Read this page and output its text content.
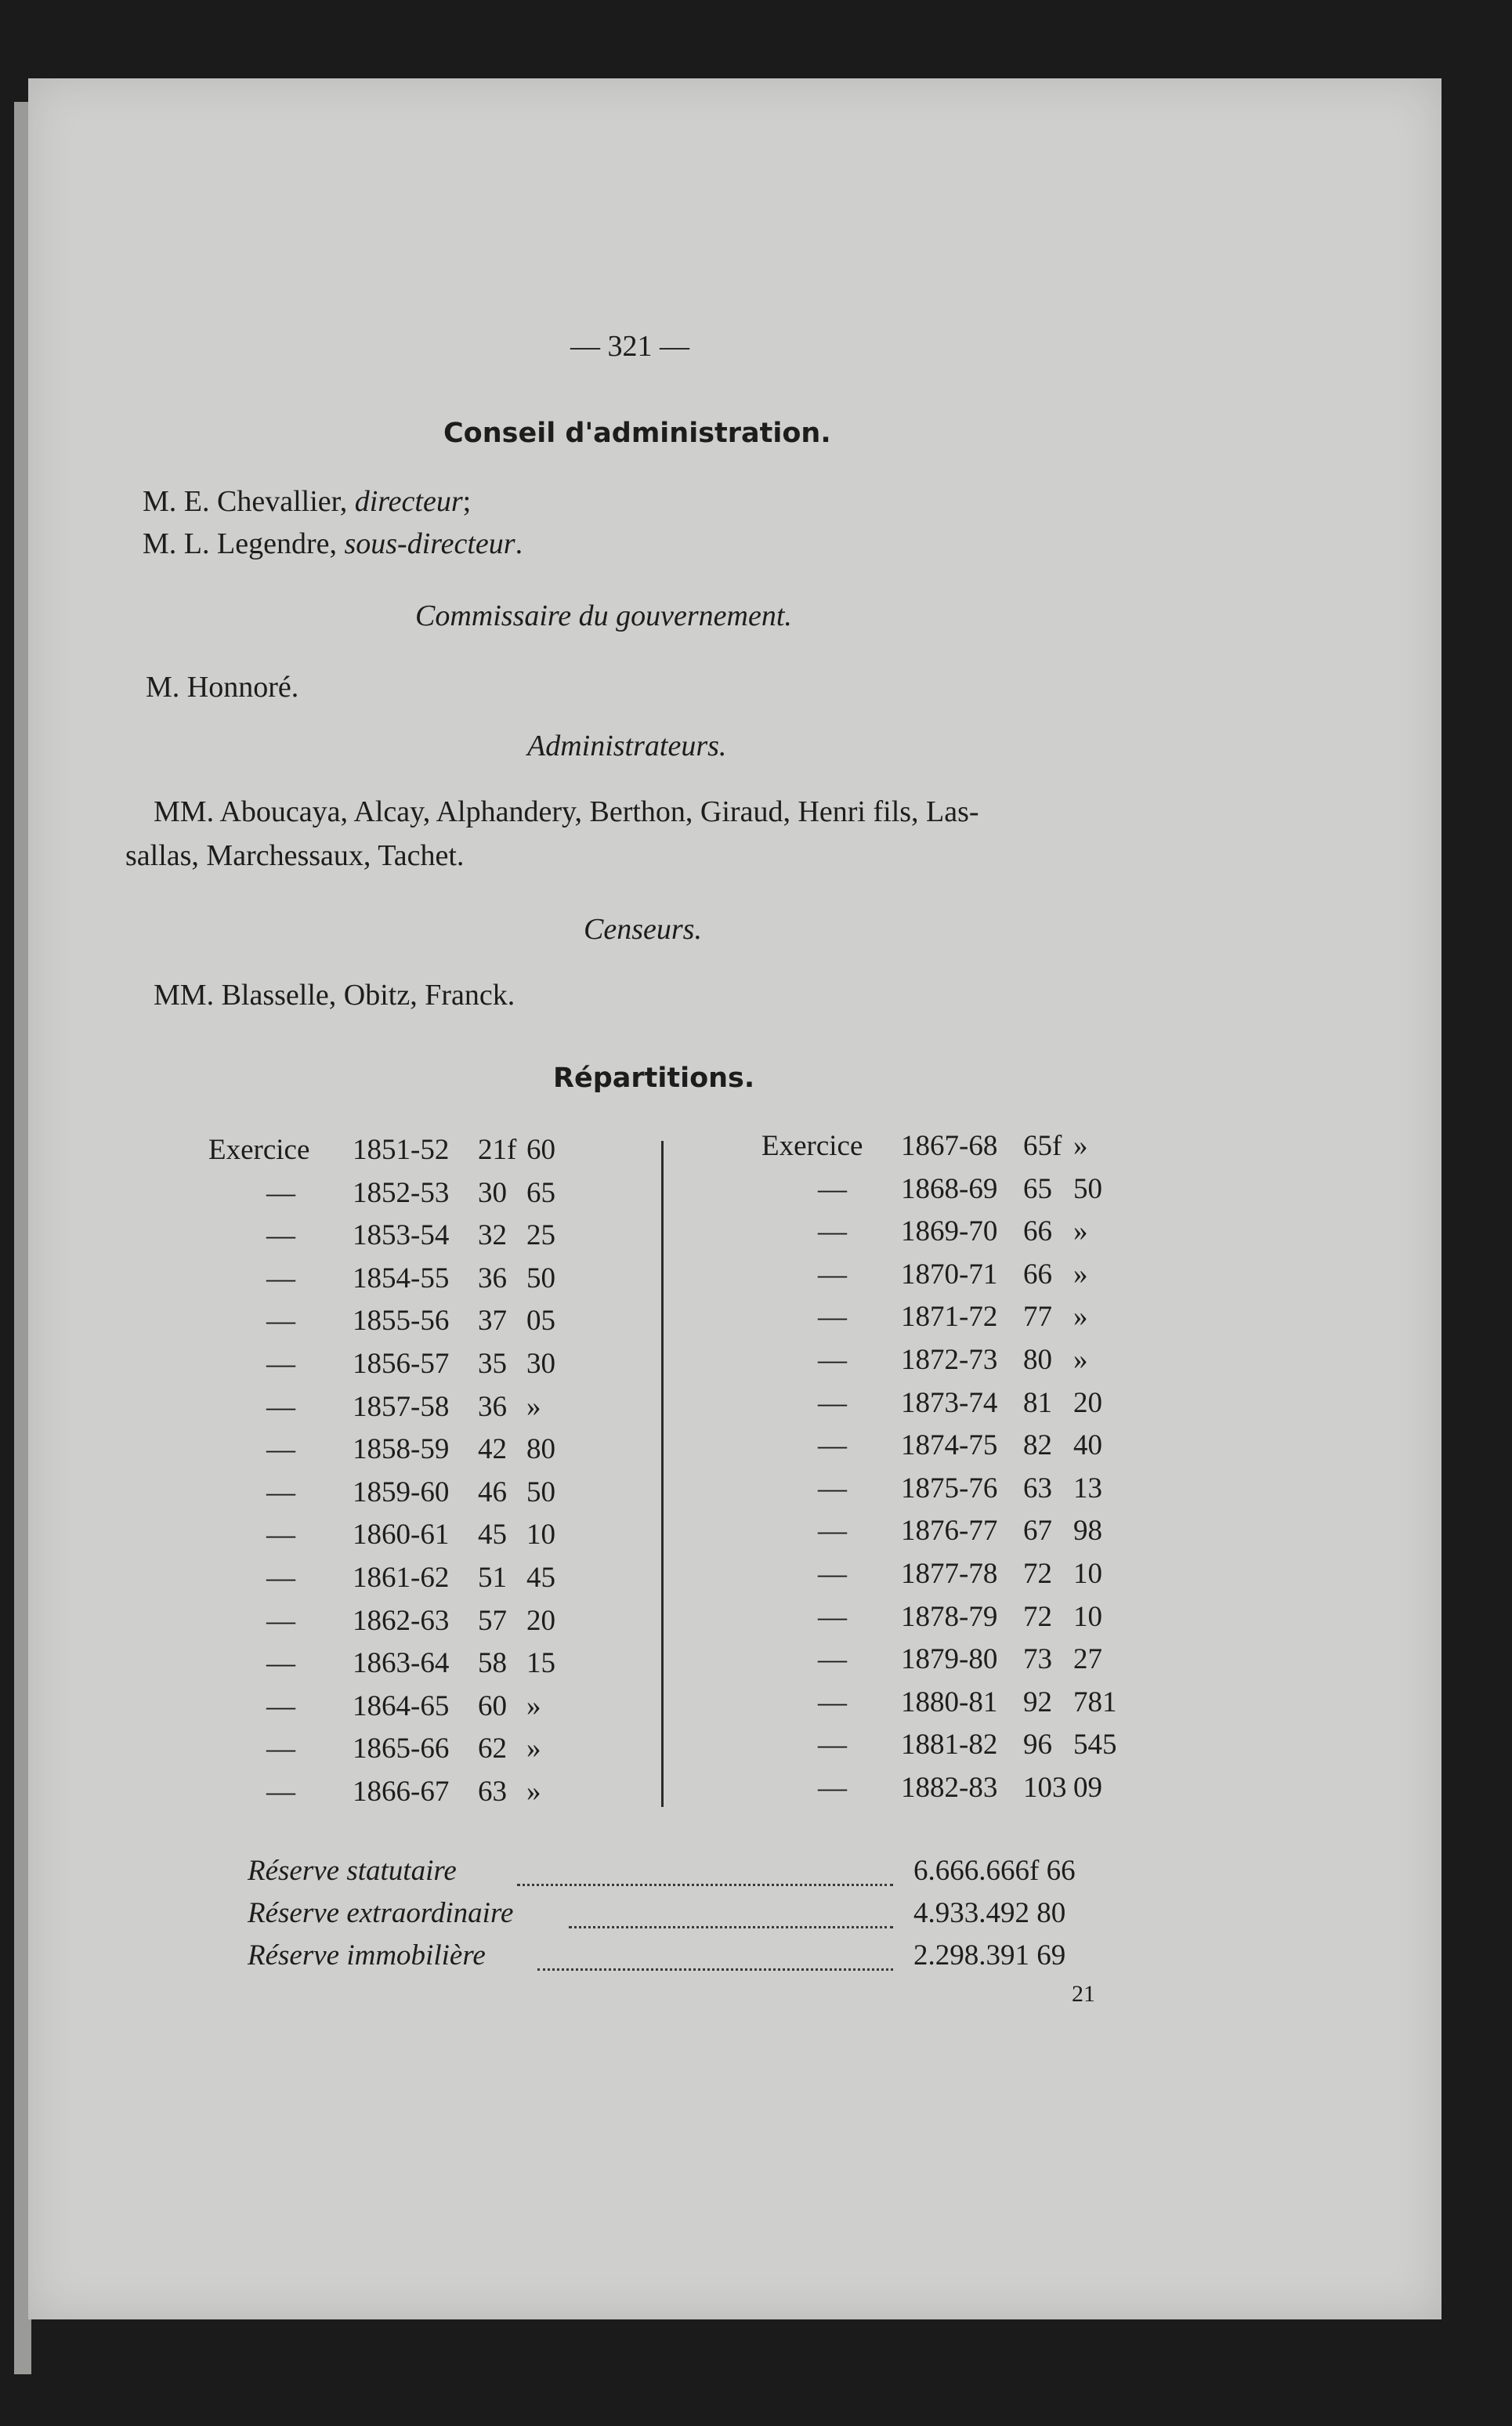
— 321 —
Conseil d'administration.
M. E. Chevallier, directeur;
M. L. Legendre, sous-directeur.
Commissaire du gouvernement.
M. Honnoré.
Administrateurs.
MM. Aboucaya, Alcay, Alphandery, Berthon, Giraud, Henri fils, Las-
sallas, Marchessaux, Tachet.
Censeurs.
MM. Blasselle, Obitz, Franck.
Répartitions.
Exercice 1851-52 21f 60
— 1852-53 30 65
— 1853-54 32 25
— 1854-55 36 50
— 1855-56 37 05
— 1856-57 35 30
— 1857-58 36 »
— 1858-59 42 80
— 1859-60 46 50
— 1860-61 45 10
— 1861-62 51 45
— 1862-63 57 20
— 1863-64 58 15
— 1864-65 60 »
— 1865-66 62 »
— 1866-67 63 »
Exercice 1867-68 65f »
— 1868-69 65 50
— 1869-70 66 »
— 1870-71 66 »
— 1871-72 77 »
— 1872-73 80 »
— 1873-74 81 20
— 1874-75 82 40
— 1875-76 63 13
— 1876-77 67 98
— 1877-78 72 10
— 1878-79 72 10
— 1879-80 73 27
— 1880-81 92 781
— 1881-82 96 545
— 1882-83 103 09
Réserve statutaire	6.666.666f 66
Réserve extraordinaire	4.933.492 80
Réserve immobilière	2.298.391 69
21
